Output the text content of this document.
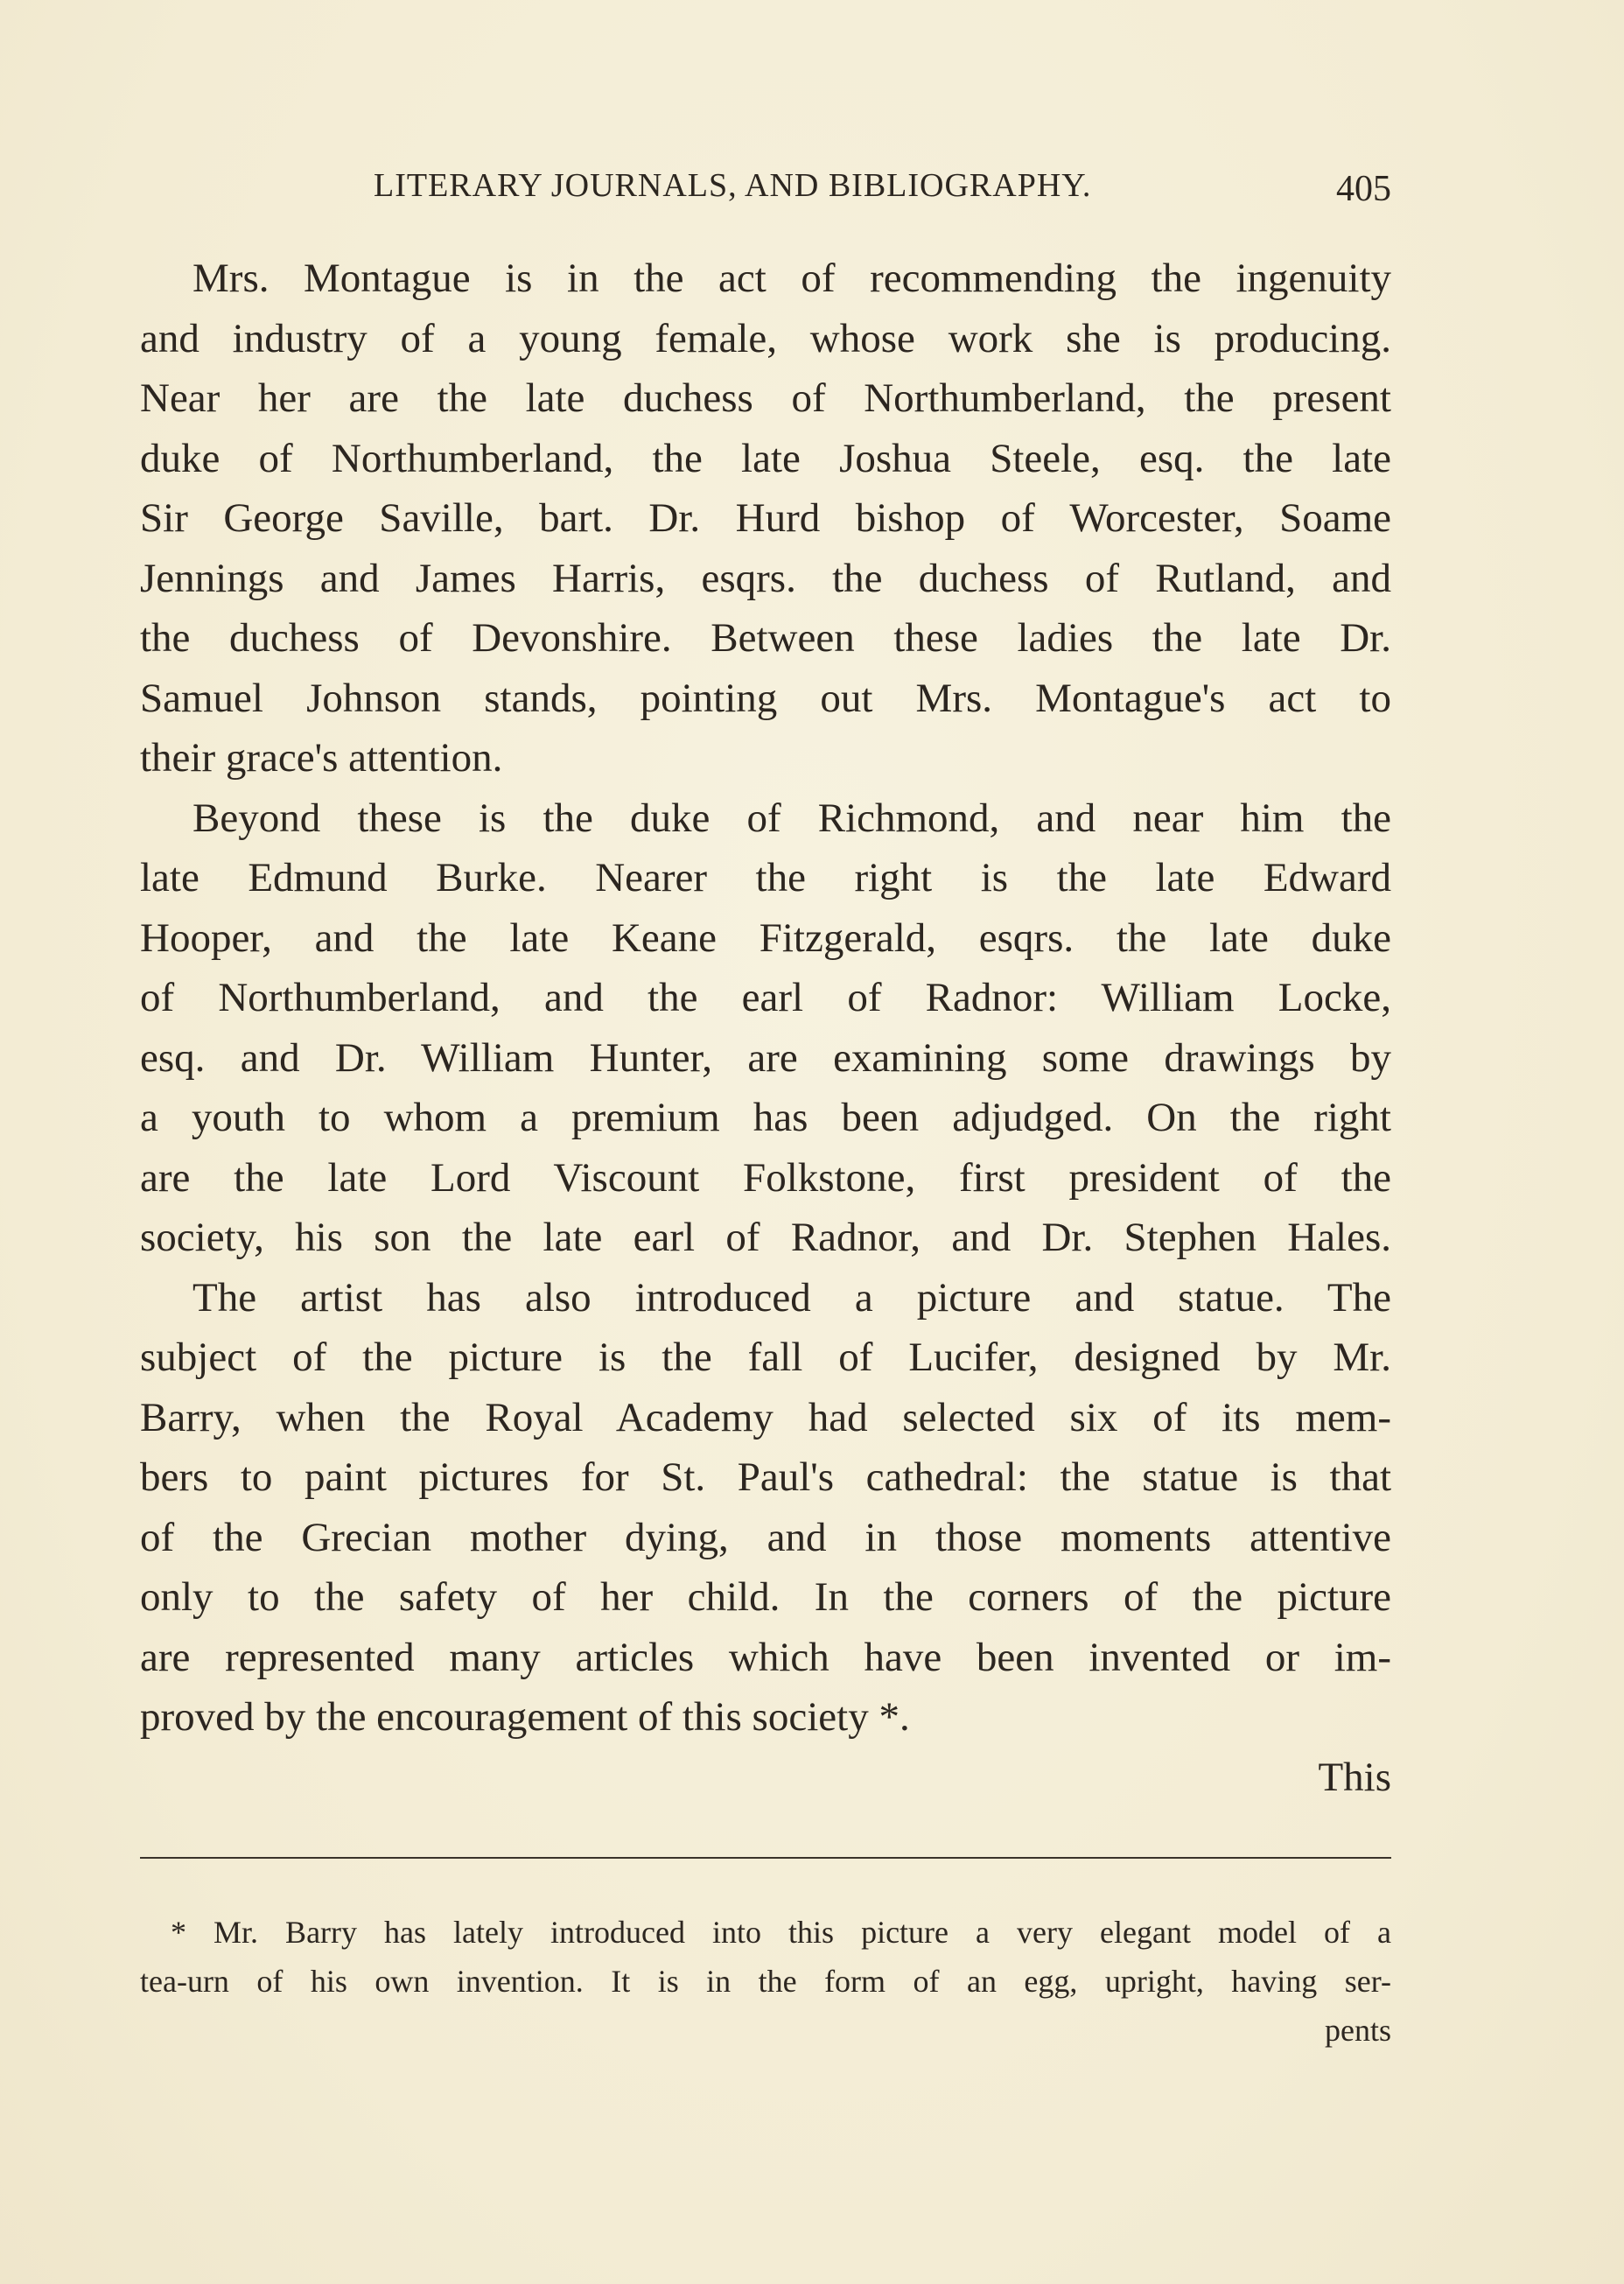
LITERARY JOURNALS, AND BIBLIOGRAPHY.	405
Mrs. Montague is in the act of recommending the ingenuity
and industry of a young female, whose work she is producing.
Near her are the late duchess of Northumberland, the present
duke of Northumberland, the late Joshua Steele, esq. the late
Sir George Saville, bart. Dr. Hurd bishop of Worcester, Soame
Jennings and James Harris, esqrs. the duchess of Rutland, and
the duchess of Devonshire. Between these ladies the late Dr.
Samuel Johnson stands, pointing out Mrs. Montague's act to
their grace's attention.
Beyond these is the duke of Richmond, and near him the
late Edmund Burke. Nearer the right is the late Edward
Hooper, and the late Keane Fitzgerald, esqrs. the late duke
of Northumberland, and the earl of Radnor: William Locke,
esq. and Dr. William Hunter, are examining some drawings by
a youth to whom a premium has been adjudged. On the right
are the late Lord Viscount Folkstone, first president of the
society, his son the late earl of Radnor, and Dr. Stephen Hales.
The artist has also introduced a picture and statue. The
subject of the picture is the fall of Lucifer, designed by Mr.
Barry, when the Royal Academy had selected six of its mem-
bers to paint pictures for St. Paul's cathedral: the statue is that
of the Grecian mother dying, and in those moments attentive
only to the safety of her child. In the corners of the picture
are represented many articles which have been invented or im-
proved by the encouragement of this society *.
This
* Mr. Barry has lately introduced into this picture a very elegant model of a
tea-urn of his own invention. It is in the form of an egg, upright, having ser-
pents
